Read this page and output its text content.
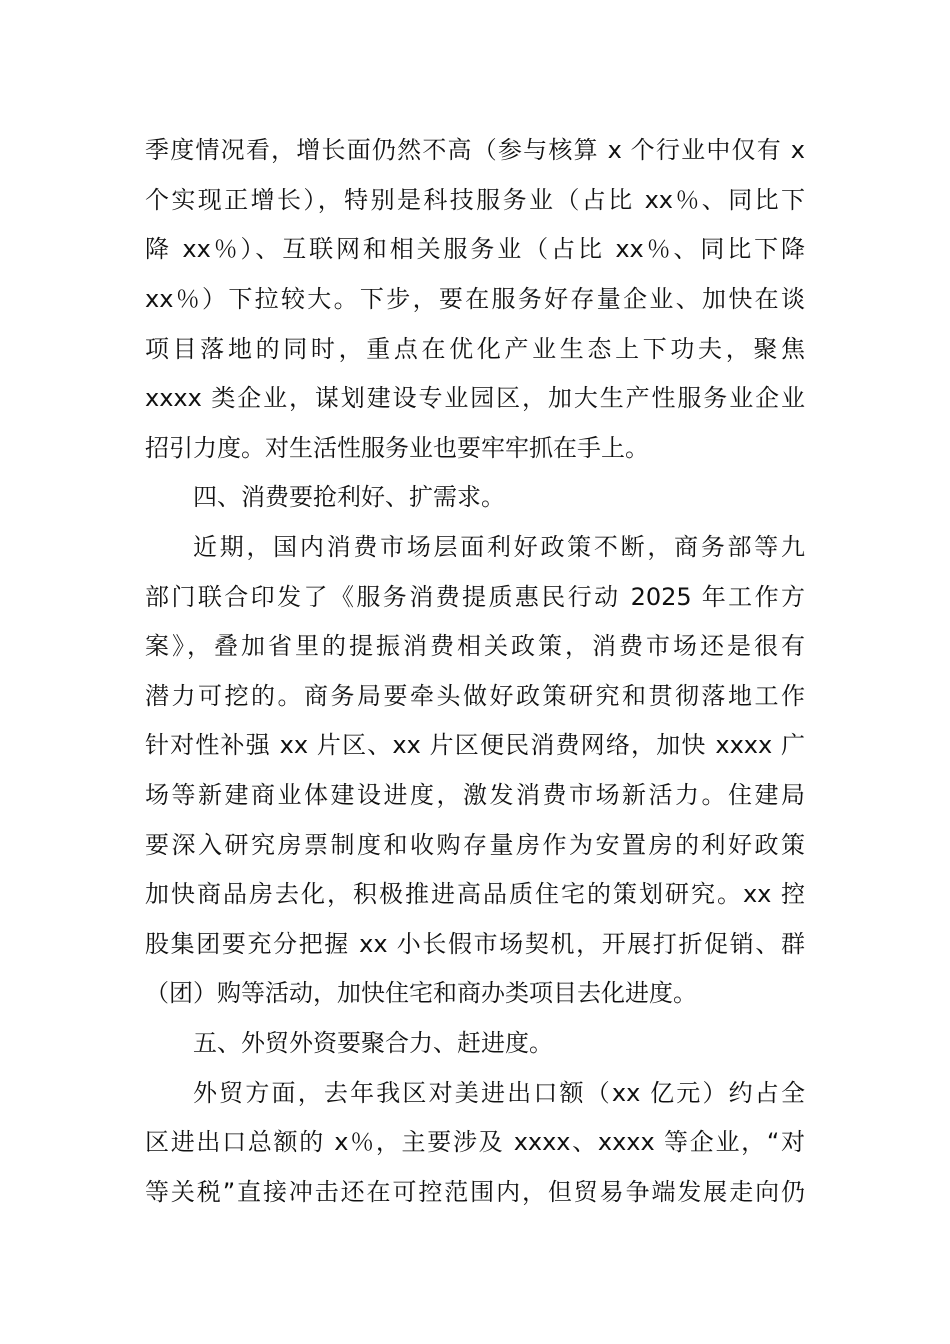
季度情况看，增长面仍然不高（参与核算 x 个行业中仅有 x
个实现正增长），特别是科技服务业（占比 xx％、同比下
降 xx％）、互联网和相关服务业（占比 xx％、同比下降
xx％）下拉较大。下步，要在服务好存量企业、加快在谈
项目落地的同时，重点在优化产业生态上下功夫，聚焦
xxxx 类企业，谋划建设专业园区，加大生产性服务业企业
招引力度。对生活性服务业也要牢牢抓在手上。
四、消费要抢利好、扩需求。
近期，国内消费市场层面利好政策不断，商务部等九
部门联合印发了《服务消费提质惠民行动 2025 年工作方
案》，叠加省里的提振消费相关政策，消费市场还是很有
潜力可挖的。商务局要牵头做好政策研究和贯彻落地工作
针对性补强 xx 片区、xx 片区便民消费网络，加快 xxxx 广
场等新建商业体建设进度，激发消费市场新活力。住建局
要深入研究房票制度和收购存量房作为安置房的利好政策
加快商品房去化，积极推进高品质住宅的策划研究。xx 控
股集团要充分把握 xx 小长假市场契机，开展打折促销、群
（团）购等活动，加快住宅和商办类项目去化进度。
五、外贸外资要聚合力、赶进度。
外贸方面，去年我区对美进出口额（xx 亿元）约占全
区进出口总额的 x％，主要涉及 xxxx、xxxx 等企业，“对
等关税”直接冲击还在可控范围内，但贸易争端发展走向仍
